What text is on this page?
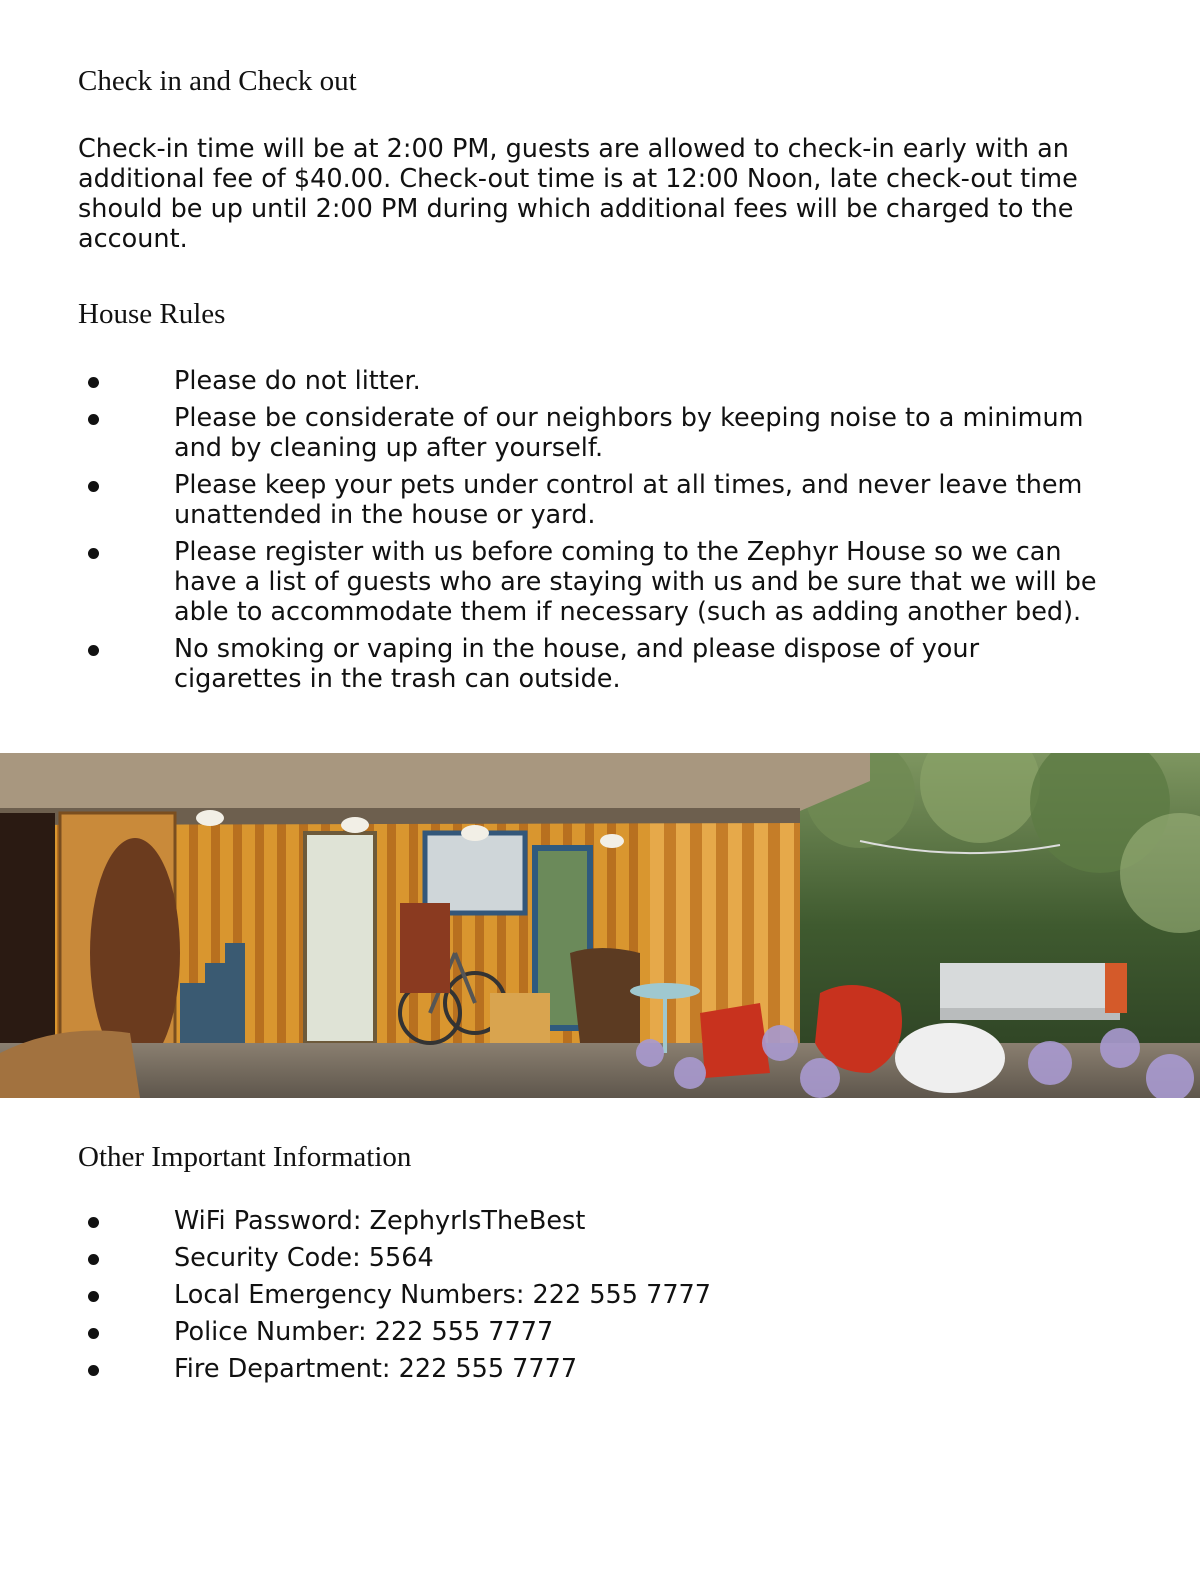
Check in and Check out

Check-in time will be at 2:00 PM, guests are allowed to check-in early with an additional fee of $40.00. Check-out time is at 12:00 Noon, late check-out time should be up until 2:00 PM during which additional fees will be charged to the account.

House Rules
Please do not litter.
Please be considerate of our neighbors by keeping noise to a minimum and by cleaning up after yourself.
Please keep your pets under control at all times, and never leave them unattended in the house or yard.
Please register with us before coming to the Zephyr House so we can have a list of guests who are staying with us and be sure that we will be able to accommodate them if necessary (such as adding another bed).
No smoking or vaping in the house, and please dispose of your cigarettes in the trash can outside.
Other Important Information
WiFi Password: ZephyrIsTheBest
Security Code: 5564
Local Emergency Numbers: 222 555 7777
Police Number: 222 555 7777
Fire Department: 222 555 7777
